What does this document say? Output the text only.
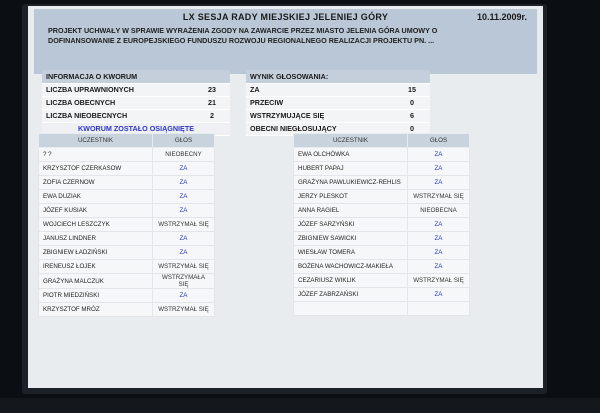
LX SESJA RADY MIEJSKIEJ JELENIEJ GÓRY	10.11.2009r.
PROJEKT UCHWAŁY W SPRAWIE WYRAŻENIA ZGODY NA ZAWARCIE PRZEZ MIASTO JELENIA GÓRA UMOWY O DOFINANSOWANIE Z EUROPEJSKIEGO FUNDUSZU ROZWOJU REGIONALNEGO REALIZACJI PROJEKTU PN. ...
INFORMACJA O KWORUM	
LICZBA UPRAWNIONYCH	23
LICZBA OBECNYCH	21
LICZBA NIEOBECNYCH	2
KWORUM ZOSTAŁO OSIĄGNIĘTE	
WYNIK GŁOSOWANIA:	
ZA	15
PRZECIW	0
WSTRZYMUJĄCE SIĘ	6
OBECNI NIEGŁOSUJĄCY	0
UCZESTNIK	GŁOS
? ?	NIEOBECNY
KRZYSZTOF CZERKASOW	ZA
ZOFIA CZERNOW	ZA
EWA DUZIAK	ZA
JÓZEF KUSIAK	ZA
WOJCIECH LESZCZYK	WSTRZYMAŁ SIĘ
JANUSZ LINDNER	ZA
ZBIGNIEW ŁADZIŃSKI	ZA
IRENEUSZ ŁOJEK	WSTRZYMAŁ SIĘ
GRAŻYNA MALCZUK	WSTRZYMAŁA SIĘ
PIOTR MIEDZIŃSKI	ZA
KRZYSZTOF MRÓZ	WSTRZYMAŁ SIĘ
UCZESTNIK	GŁOS
EWA OLCHÓWKA	ZA
HUBERT PAPAJ	ZA
GRAŻYNA PAWLUKIEWICZ-REHLIS	ZA
JERZY PLESKOT	WSTRZYMAŁ SIĘ
ANNA RAGIEL	NIEOBECNA
JÓZEF SARZYŃSKI	ZA
ZBIGNIEW SAWICKI	ZA
WIESŁAW TOMERA	ZA
BOŻENA WACHOWICZ-MAKIEŁA	ZA
CEZARIUSZ WIKLIK	WSTRZYMAŁ SIĘ
JÓZEF ZABRZAŃSKI	ZA
